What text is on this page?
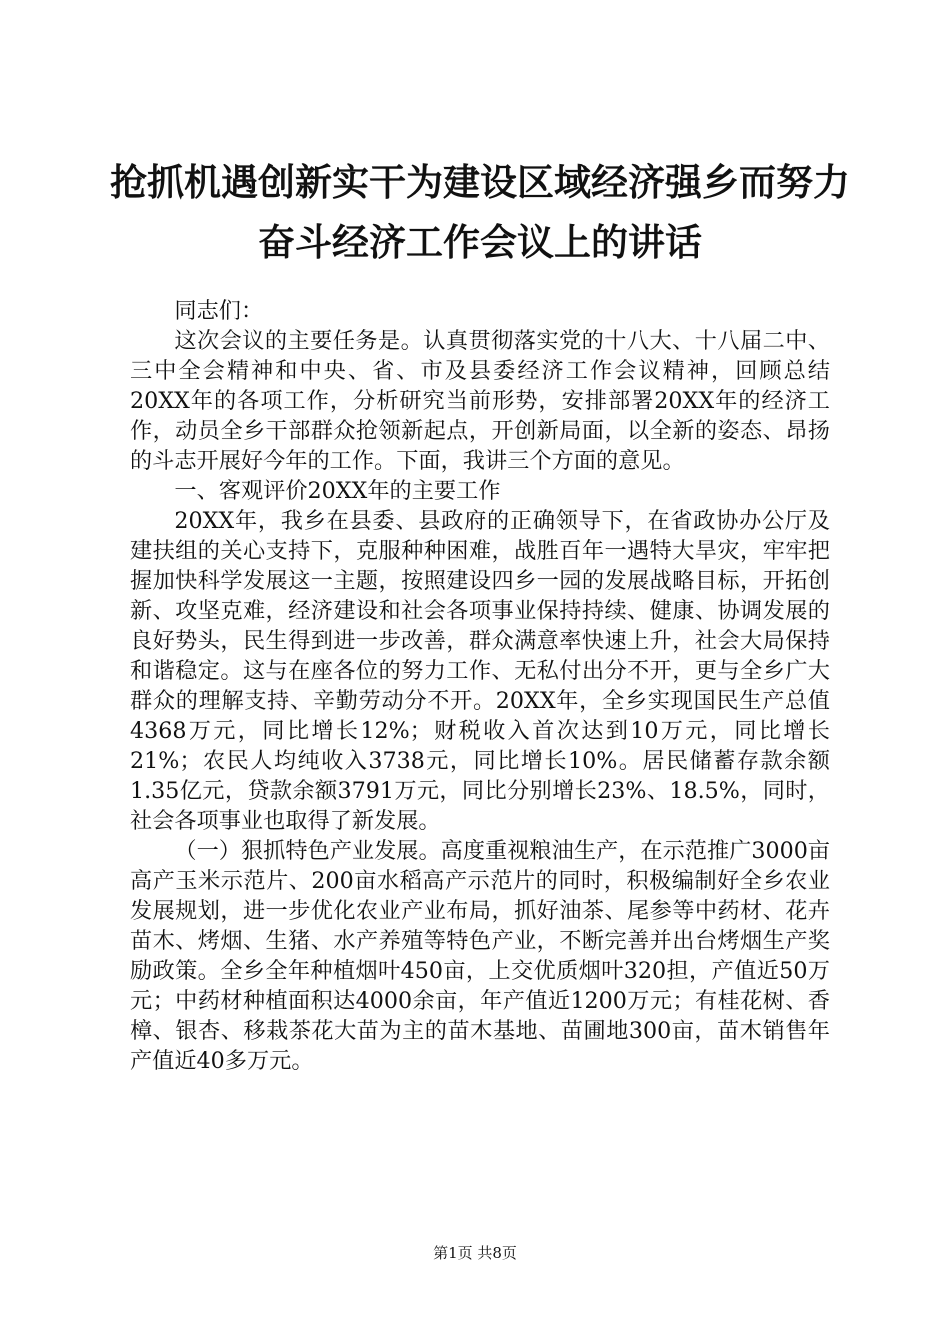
抢抓机遇创新实干为建设区域经济强乡而努力
奋斗经济工作会议上的讲话

同志们：

这次会议的主要任务是。认真贯彻落实党的十八大、十八届二中、三中全会精神和中央、省、市及县委经济工作会议精神，回顾总结20XX年的各项工作，分析研究当前形势，安排部署20XX年的经济工作，动员全乡干部群众抢领新起点，开创新局面，以全新的姿态、昂扬的斗志开展好今年的工作。下面，我讲三个方面的意见。

一、客观评价20XX年的主要工作

20XX年，我乡在县委、县政府的正确领导下，在省政协办公厅及建扶组的关心支持下，克服种种困难，战胜百年一遇特大旱灾，牢牢把握加快科学发展这一主题，按照建设四乡一园的发展战略目标，开拓创新、攻坚克难，经济建设和社会各项事业保持持续、健康、协调发展的良好势头，民生得到进一步改善，群众满意率快速上升，社会大局保持和谐稳定。这与在座各位的努力工作、无私付出分不开，更与全乡广大群众的理解支持、辛勤劳动分不开。20XX年，全乡实现国民生产总值4368万元，同比增长12%；财税收入首次达到10万元，同比增长21%；农民人均纯收入3738元，同比增长10%。居民储蓄存款余额1.35亿元，贷款余额3791万元，同比分别增长23%、18.5%，同时，社会各项事业也取得了新发展。

（一）狠抓特色产业发展。高度重视粮油生产，在示范推广3000亩高产玉米示范片、200亩水稻高产示范片的同时，积极编制好全乡农业发展规划，进一步优化农业产业布局，抓好油茶、尾参等中药材、花卉苗木、烤烟、生猪、水产养殖等特色产业，不断完善并出台烤烟生产奖励政策。全乡全年种植烟叶450亩，上交优质烟叶320担，产值近50万元；中药材种植面积达4000余亩，年产值近1200万元；有桂花树、香樟、银杏、移栽茶花大苗为主的苗木基地、苗圃地300亩，苗木销售年产值近40多万元。

第1页 共8页
